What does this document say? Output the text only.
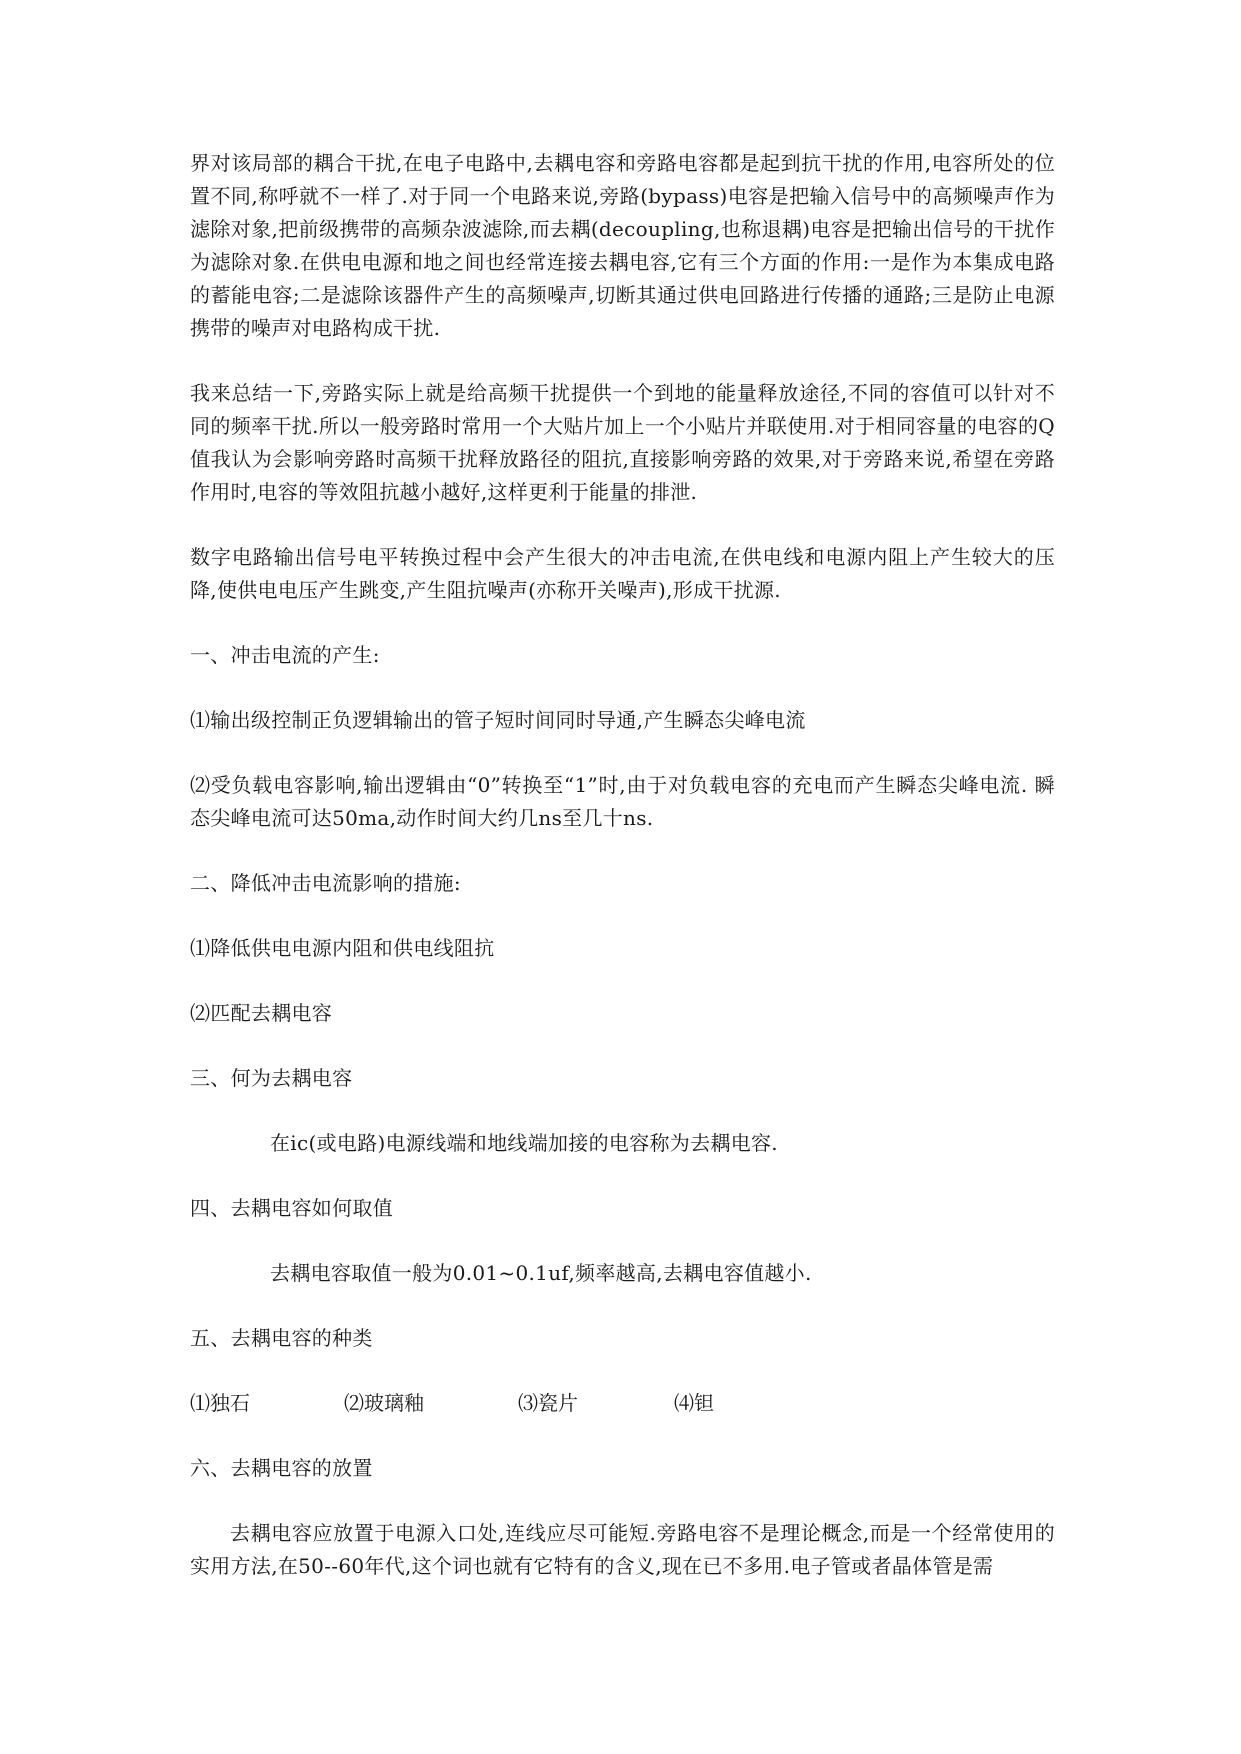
界对该局部的耦合干扰,在电子电路中,去耦电容和旁路电容都是起到抗干扰的作用,电容所处的位置不同,称呼就不一样了.对于同一个电路来说,旁路(bypass)电容是把输入信号中的高频噪声作为滤除对象,把前级携带的高频杂波滤除,而去耦(decoupling,也称退耦)电容是把输出信号的干扰作为滤除对象.在供电电源和地之间也经常连接去耦电容,它有三个方面的作用:一是作为本集成电路的蓄能电容;二是滤除该器件产生的高频噪声,切断其通过供电回路进行传播的通路;三是防止电源携带的噪声对电路构成干扰.

我来总结一下,旁路实际上就是给高频干扰提供一个到地的能量释放途径,不同的容值可以针对不同的频率干扰.所以一般旁路时常用一个大贴片加上一个小贴片并联使用.对于相同容量的电容的Q值我认为会影响旁路时高频干扰释放路径的阻抗,直接影响旁路的效果,对于旁路来说,希望在旁路作用时,电容的等效阻抗越小越好,这样更利于能量的排泄.

数字电路输出信号电平转换过程中会产生很大的冲击电流,在供电线和电源内阻上产生较大的压降,使供电电压产生跳变,产生阻抗噪声(亦称开关噪声),形成干扰源.

一、冲击电流的产生:

⑴输出级控制正负逻辑输出的管子短时间同时导通,产生瞬态尖峰电流

⑵受负载电容影响,输出逻辑由“0”转换至“1”时,由于对负载电容的充电而产生瞬态尖峰电流. 瞬态尖峰电流可达50ma,动作时间大约几ns至几十ns.

二、降低冲击电流影响的措施:

⑴降低供电电源内阻和供电线阻抗

⑵匹配去耦电容

三、何为去耦电容

在ic(或电路)电源线端和地线端加接的电容称为去耦电容.

四、去耦电容如何取值

去耦电容取值一般为0.01~0.1uf,频率越高,去耦电容值越小.

五、去耦电容的种类

⑴独石	⑵玻璃釉	⑶瓷片	⑷钽

六、去耦电容的放置

去耦电容应放置于电源入口处,连线应尽可能短.旁路电容不是理论概念,而是一个经常使用的实用方法,在50--60年代,这个词也就有它特有的含义,现在已不多用.电子管或者晶体管是需
